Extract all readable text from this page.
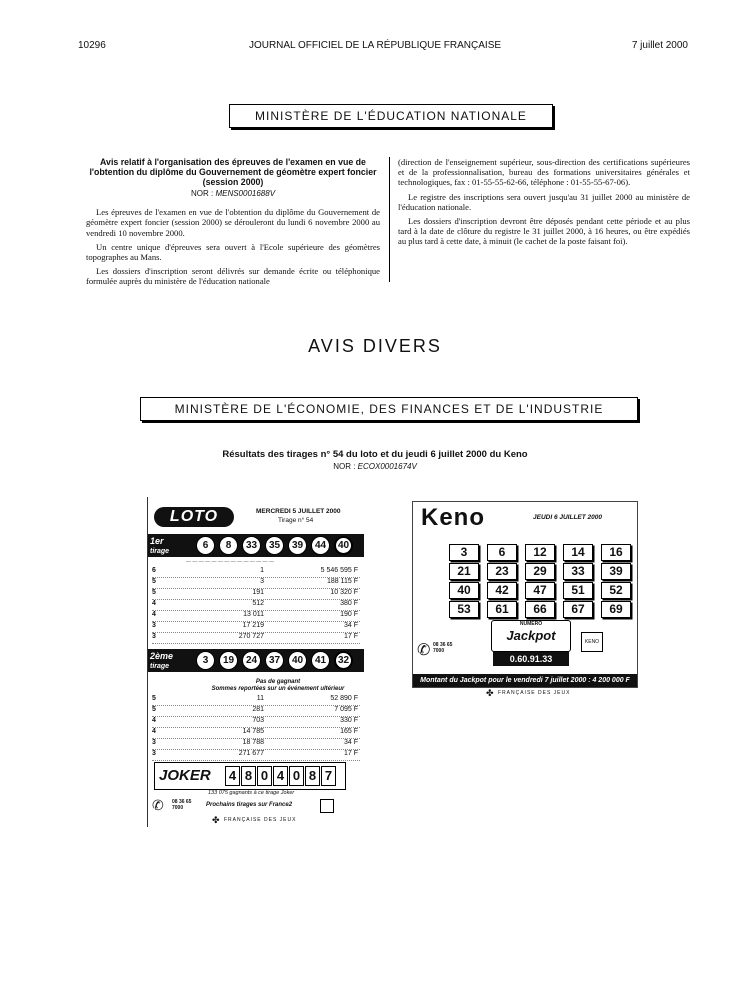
10296	JOURNAL OFFICIEL DE LA RÉPUBLIQUE FRANÇAISE	7 juillet 2000
MINISTÈRE DE L'ÉDUCATION NATIONALE
Avis relatif à l'organisation des épreuves de l'examen en vue de l'obtention du diplôme du Gouvernement de géomètre expert foncier (session 2000)
NOR : MENS0001688V

Les épreuves de l'examen en vue de l'obtention du diplôme du Gouvernement de géomètre expert foncier (session 2000) se dérouleront du lundi 6 novembre 2000 au vendredi 10 novembre 2000.

Un centre unique d'épreuves sera ouvert à l'Ecole supérieure des géomètres topographes au Mans.

Les dossiers d'inscription seront délivrés sur demande écrite ou téléphonique formulée auprès du ministère de l'éducation nationale

(direction de l'enseignement supérieur, sous-direction des certifications supérieures et de la professionnalisation, bureau des formations universitaires générales et technologiques, fax : 01-55-55-62-66, téléphone : 01-55-55-67-06).

Le registre des inscriptions sera ouvert jusqu'au 31 juillet 2000 au ministère de l'éducation nationale.

Les dossiers d'inscription devront être déposés pendant cette période et au plus tard à la date de clôture du registre le 31 juillet 2000, à 16 heures, ou être expédiés au plus tard à cette date, à minuit (le cachet de la poste faisant foi).

AVIS DIVERS
MINISTÈRE DE L'ÉCONOMIE, DES FINANCES ET DE L'INDUSTRIE
Résultats des tirages n° 54 du loto et du jeudi 6 juillet 2000 du Keno
NOR : ECOX0001674V
LOTO	MERCREDI 5 JUILLET 2000
Tirage n° 54
1er
tirage
6	8	33	35	39	44	40
— — — — — — — — — — — — — —
6	1	5 546 595 F
5	3	188 115 F
5	191	10 320 F
4	512	380 F
4	13 011	190 F
3	17 219	34 F
3	270 727	17 F
2ème
tirage
3	19	24	37	40	41	32
Pas de gagnant
Sommes reportées sur un événement ultérieur
5	11	52 890 F
5	281	7 095 F
4	703	330 F
4	14 785	165 F
3	18 788	34 F
3	271 677	17 F
JOKER 4 8 0 4 0 8 7
133 075 gagnants à ce tirage Joker
✆	08 36 65 7000	Prochains tirages sur France2
✤ FRANÇAISE DES JEUX
Keno	JEUDI 6 JUILLET 2000
3	6	12	14	16
21	23	29	33	39
40	42	47	51	52
53	61	66	67	69
NUMERO
Jackpot
0.60.91.33
✆ 08 36 65 7000
KENO
Montant du Jackpot pour le vendredi 7 juillet 2000 : 4 200 000 F
✤ FRANÇAISE DES JEUX
